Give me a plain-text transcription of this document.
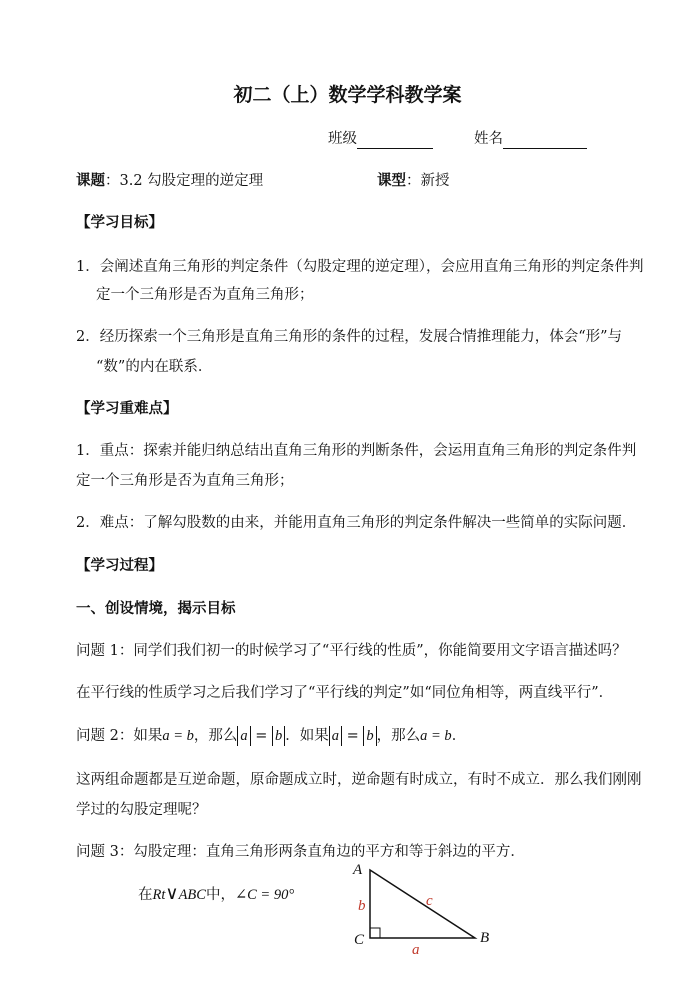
初二（上）数学学科教学案
班级	姓名
课题：3.2 勾股定理的逆定理	课型：新授
【学习目标】
1．会阐述直角三角形的判定条件（勾股定理的逆定理），会应用直角三角形的判定条件判
定一个三角形是否为直角三角形；
2．经历探索一个三角形是直角三角形的条件的过程，发展合情推理能力，体会“形”与
“数”的内在联系．
【学习重难点】
1．重点：探索并能归纳总结出直角三角形的判断条件，会运用直角三角形的判定条件判
定一个三角形是否为直角三角形；
2．难点：了解勾股数的由来，并能用直角三角形的判定条件解决一些简单的实际问题．
【学习过程】
一、创设情境，揭示目标
问题 1：同学们我们初一的时候学习了“平行线的性质”，你能简要用文字语言描述吗？
在平行线的性质学习之后我们学习了“平行线的判定”如“同位角相等，两直线平行”．
问题 2：如果a = b，那么 a = b ．如果 a = b ，那么a = b．
这两组命题都是互逆命题，原命题成立时，逆命题有时成立，有时不成立．那么我们刚刚
学过的勾股定理呢？
问题 3：勾股定理：直角三角形两条直角边的平方和等于斜边的平方．
在Rt∨ABC中，∠C = 90°
A
C	B
b	c
a
